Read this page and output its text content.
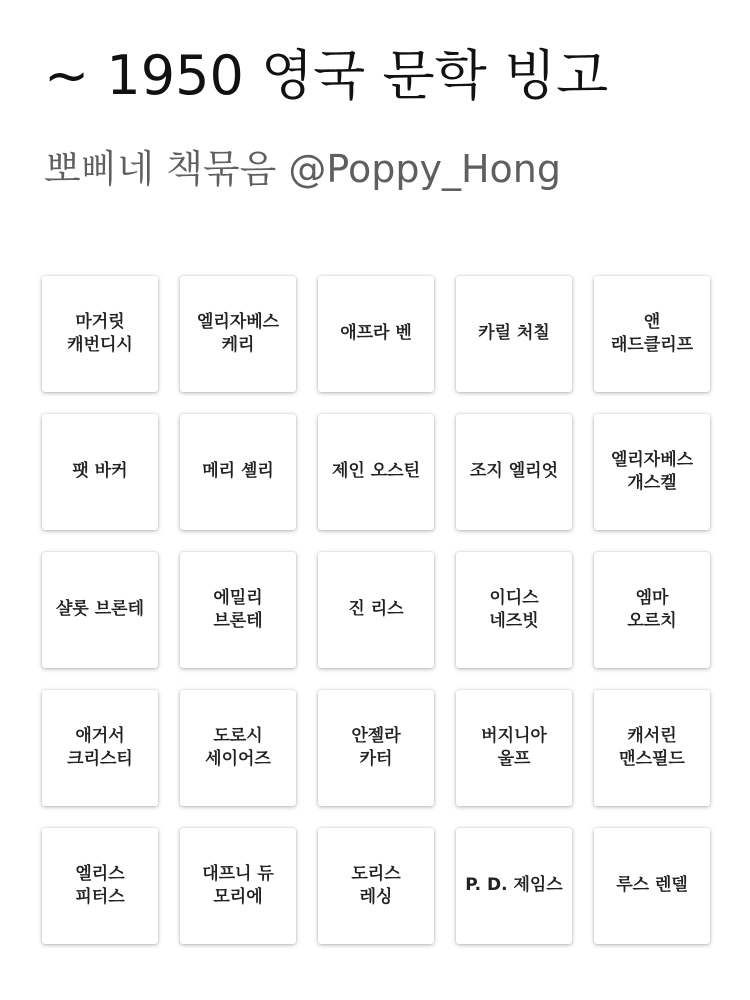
~ 1950 영국 문학 빙고
뽀삐네 책묶음 @Poppy_Hong
마거릿
캐번디시
엘리자베스
케리
애프라 벤	카릴 처칠
앤
래드클리프
팻 바커	메리 셸리	제인 오스틴	조지 엘리엇
엘리자베스
개스켈
샬롯 브론테
에밀리
브론테
진 리스
이디스
네즈빗
엠마
오르치
애거서
크리스티
도로시
세이어즈
안젤라
카터
버지니아
울프
캐서린
맨스필드
엘리스
피터스
대프니 듀
모리에
도리스
레싱
P. D. 제임스	루스 렌델
